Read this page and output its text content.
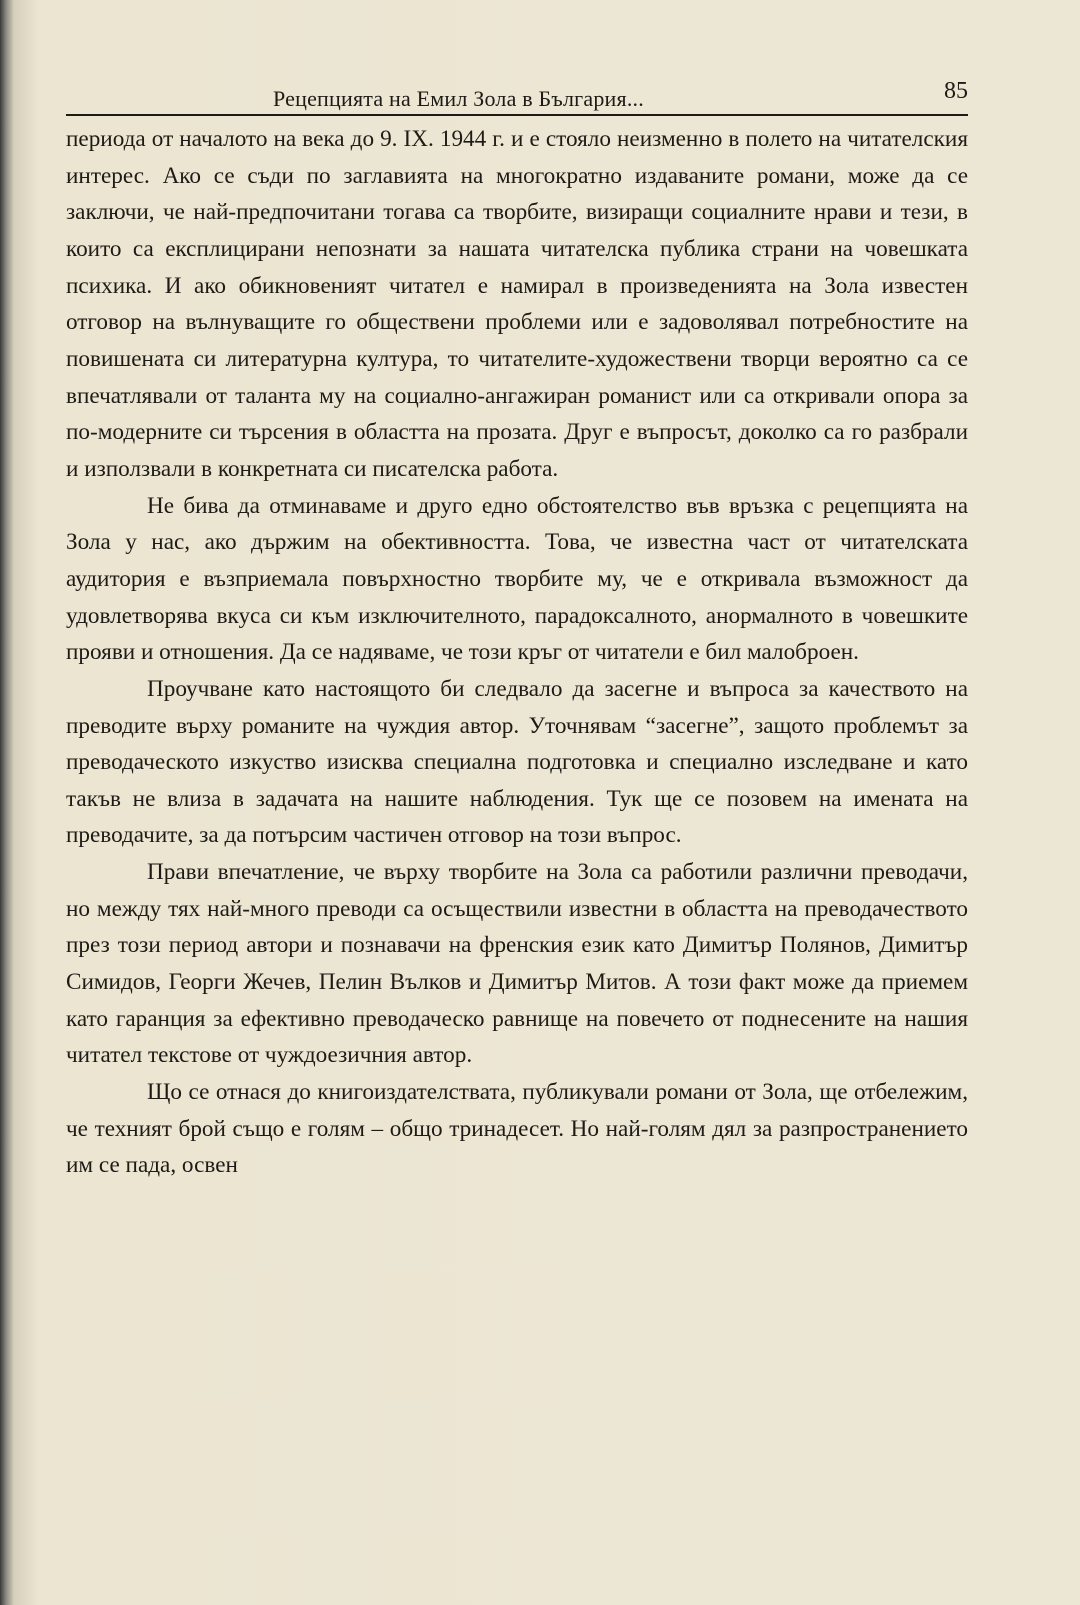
Рецепцията на Емил Зола в България...	85

периода от началото на века до 9. IX. 1944 г. и е стояло неизменно в полето на читателския интерес. Ако се съди по заглавията на многократно издаваните романи, може да се заключи, че най-предпочитани тогава са творбите, визиращи социалните нрави и тези, в които са експлицирани непознати за нашата читателска публика страни на човешката психика. И ако обикновеният читател е намирал в произведенията на Зола известен отговор на вълнуващите го обществени проблеми или е задоволявал потребностите на повишената си литературна култура, то читателите-художествени творци вероятно са се впечатлявали от таланта му на социално-ангажиран романист или са откривали опора за по-модерните си търсения в областта на прозата. Друг е въпросът, доколко са го разбрали и използвали в конкретната си писателска работа.

Не бива да отминаваме и друго едно обстоятелство във връзка с рецепцията на Зола у нас, ако държим на обективността. Това, че известна част от читателската аудитория е възприемала повърхностно творбите му, че е откривала възможност да удовлетворява вкуса си към изключителното, парадоксалното, анормалното в човешките прояви и отношения. Да се надяваме, че този кръг от читатели е бил малоброен.

Проучване като настоящото би следвало да засегне и въпроса за качеството на преводите върху романите на чуждия автор. Уточнявам “засегне”, защото проблемът за преводаческото изкуство изисква специална подготовка и специално изследване и като такъв не влиза в задачата на нашите наблюдения. Тук ще се позовем на имената на преводачите, за да потърсим частичен отговор на този въпрос.

Прави впечатление, че върху творбите на Зола са работили различни преводачи, но между тях най-много преводи са осъществили известни в областта на преводачеството през този период автори и познавачи на френския език като Димитър Полянов, Димитър Симидов, Георги Жечев, Пелин Вълков и Димитър Митов. А този факт може да приемем като гаранция за ефективно преводаческо равнище на повечето от поднесените на нашия читател текстове от чуждоезичния автор.

Що се отнася до книгоиздателствата, публикували романи от Зола, ще отбележим, че техният брой също е голям – общо тринадесет. Но най-голям дял за разпространението им се пада, освен
